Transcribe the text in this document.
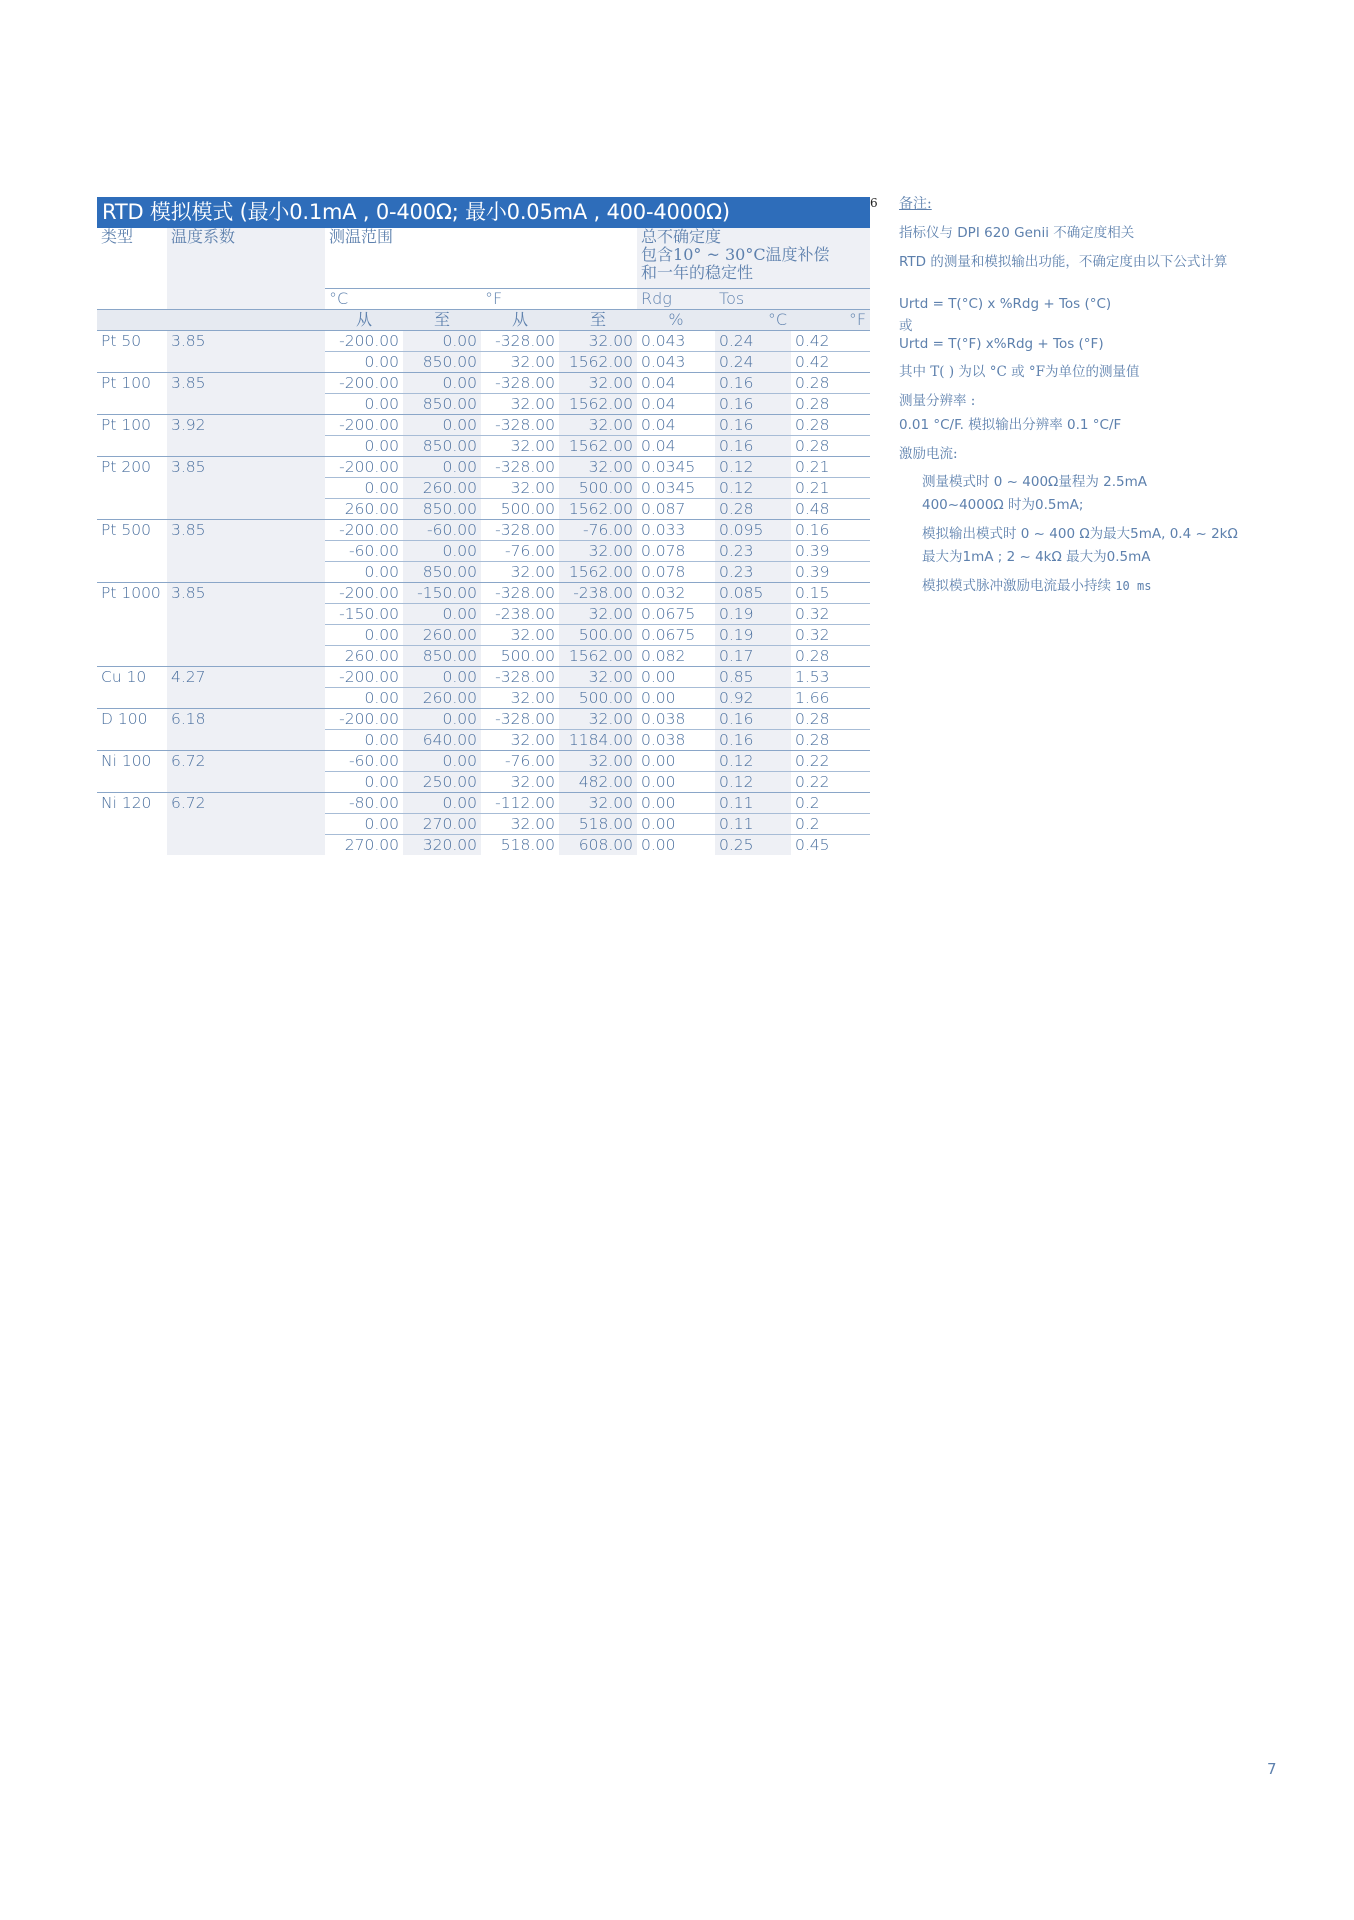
RTD 模拟模式 (最小0.1mA , 0-400Ω; 最小0.05mA , 400-4000Ω)
类型	温度系数	测温范围				总不确定度
包含10° ~ 30°C温度补偿
和一年的稳定性		

		°C		°F		Rdg	Tos	
		从	至	从	至	%	°C	°F
Pt 50	3.85	-200.00	0.00	-328.00	32.00	0.043	0.24	0.42
		0.00	850.00	32.00	1562.00	0.043	0.24	0.42
Pt 100	3.85	-200.00	0.00	-328.00	32.00	0.04	0.16	0.28
		0.00	850.00	32.00	1562.00	0.04	0.16	0.28
Pt 100	3.92	-200.00	0.00	-328.00	32.00	0.04	0.16	0.28
		0.00	850.00	32.00	1562.00	0.04	0.16	0.28
Pt 200	3.85	-200.00	0.00	-328.00	32.00	0.0345	0.12	0.21
		0.00	260.00	32.00	500.00	0.0345	0.12	0.21
		260.00	850.00	500.00	1562.00	0.087	0.28	0.48
Pt 500	3.85	-200.00	-60.00	-328.00	-76.00	0.033	0.095	0.16
		-60.00	0.00	-76.00	32.00	0.078	0.23	0.39
		0.00	850.00	32.00	1562.00	0.078	0.23	0.39
Pt 1000	3.85	-200.00	-150.00	-328.00	-238.00	0.032	0.085	0.15
		-150.00	0.00	-238.00	32.00	0.0675	0.19	0.32
		0.00	260.00	32.00	500.00	0.0675	0.19	0.32
		260.00	850.00	500.00	1562.00	0.082	0.17	0.28
Cu 10	4.27	-200.00	0.00	-328.00	32.00	0.00	0.85	1.53
		0.00	260.00	32.00	500.00	0.00	0.92	1.66
D 100	6.18	-200.00	0.00	-328.00	32.00	0.038	0.16	0.28
		0.00	640.00	32.00	1184.00	0.038	0.16	0.28
Ni 100	6.72	-60.00	0.00	-76.00	32.00	0.00	0.12	0.22
		0.00	250.00	32.00	482.00	0.00	0.12	0.22
Ni 120	6.72	-80.00	0.00	-112.00	32.00	0.00	0.11	0.2
		0.00	270.00	32.00	518.00	0.00	0.11	0.2
		270.00	320.00	518.00	608.00	0.00	0.25	0.45
6 备注:
指标仪与 DPI 620 Genii 不确定度相关
RTD 的测量和模拟输出功能，不确定度由以下公式计算
Urtd = T(°C) x %Rdg + Tos (°C)
或
Urtd = T(°F) x%Rdg + Tos (°F)
其中 T( ) 为以 °C 或 °F为单位的测量值
测量分辨率 :
0.01 °C/F. 模拟输出分辨率 0.1 °C/F
激励电流:
测量模式时 0 ~ 400Ω量程为 2.5mA
400~4000Ω 时为0.5mA;
模拟输出模式时 0 ~ 400 Ω为最大5mA, 0.4 ~ 2kΩ
最大为1mA ; 2 ~ 4kΩ 最大为0.5mA
模拟模式脉冲激励电流最小持续 10 ms
7
